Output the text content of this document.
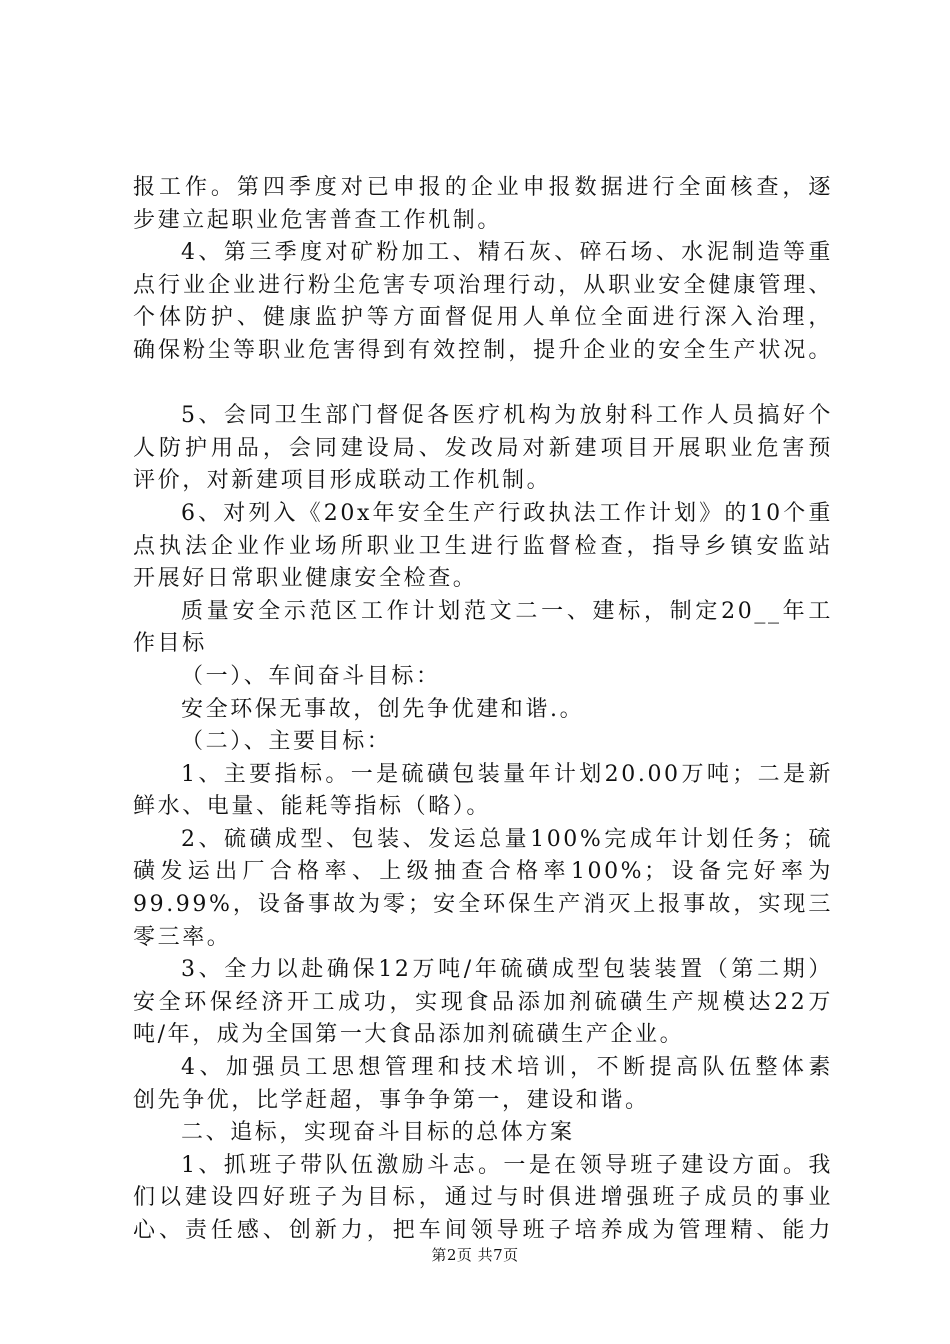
报工作。第四季度对已申报的企业申报数据进行全面核查，逐
步建立起职业危害普查工作机制。
4、第三季度对矿粉加工、精石灰、碎石场、水泥制造等重
点行业企业进行粉尘危害专项治理行动，从职业安全健康管理、
个体防护、健康监护等方面督促用人单位全面进行深入治理，
确保粉尘等职业危害得到有效控制，提升企业的安全生产状况。
5、会同卫生部门督促各医疗机构为放射科工作人员搞好个
人防护用品，会同建设局、发改局对新建项目开展职业危害预
评价，对新建项目形成联动工作机制。
6、对列入《20x年安全生产行政执法工作计划》的10个重
点执法企业作业场所职业卫生进行监督检查，指导乡镇安监站
开展好日常职业健康安全检查。
质量安全示范区工作计划范文二一、建标，制定20__年工
作目标
（一）、车间奋斗目标：
安全环保无事故，创先争优建和谐.。
（二）、主要目标：
1、主要指标。一是硫磺包装量年计划20.00万吨；二是新
鲜水、电量、能耗等指标（略）。
2、硫磺成型、包装、发运总量100%完成年计划任务；硫
磺发运出厂合格率、上级抽查合格率100%；设备完好率为
99.99%，设备事故为零；安全环保生产消灭上报事故，实现三
零三率。
3、全力以赴确保12万吨/年硫磺成型包装装置（第二期）
安全环保经济开工成功，实现食品添加剂硫磺生产规模达22万
吨/年，成为全国第一大食品添加剂硫磺生产企业。
4、加强员工思想管理和技术培训，不断提高队伍整体素
创先争优，比学赶超，事争争第一，建设和谐。
二、追标，实现奋斗目标的总体方案
1、抓班子带队伍激励斗志。一是在领导班子建设方面。我
们以建设四好班子为目标，通过与时俱进增强班子成员的事业
心、责任感、创新力，把车间领导班子培养成为管理精、能力
第2页 共7页
